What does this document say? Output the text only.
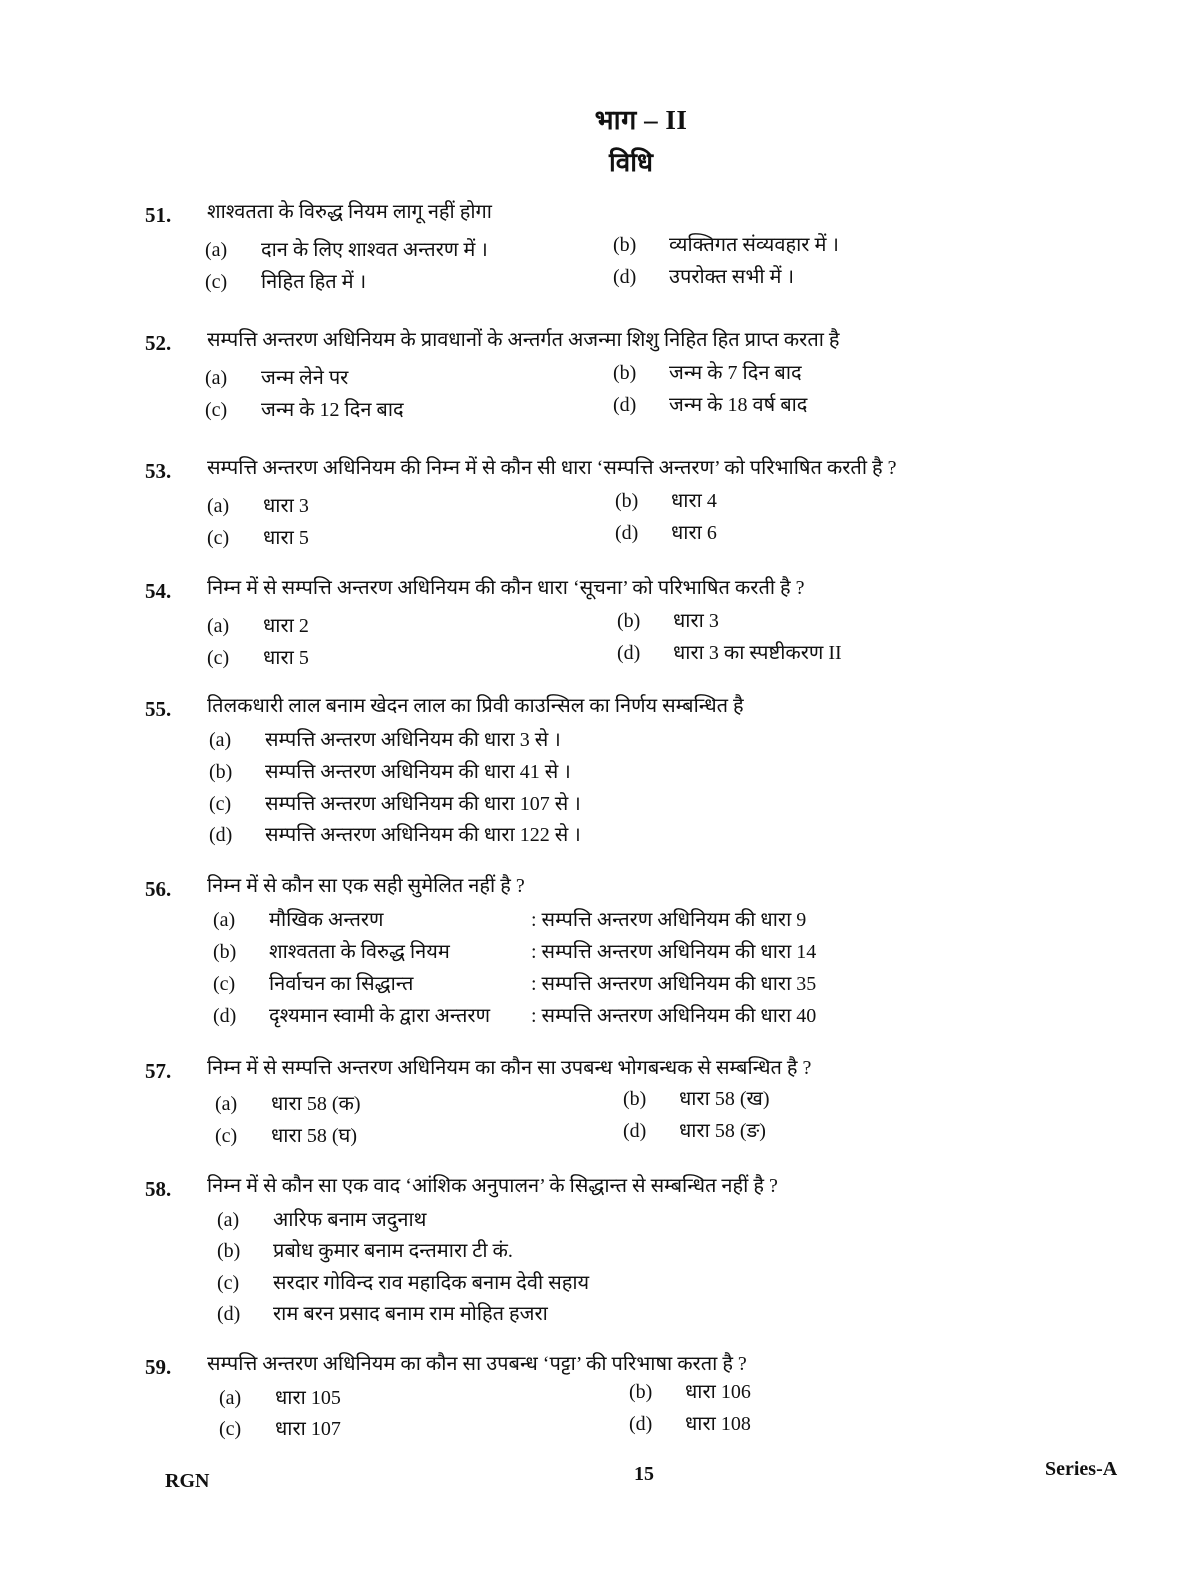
भाग – II
विधि
51. शाश्वतता के विरुद्ध नियम लागू नहीं होगा
(a) दान के लिए शाश्वत अन्तरण में ।	(b) व्यक्तिगत संव्यवहार में ।
(c) निहित हित में ।	(d) उपरोक्त सभी में ।
52. सम्पत्ति अन्तरण अधिनियम के प्रावधानों के अन्तर्गत अजन्मा शिशु निहित हित प्राप्त करता है
(a) जन्म लेने पर	(b) जन्म के 7 दिन बाद
(c) जन्म के 12 दिन बाद	(d) जन्म के 18 वर्ष बाद
53. सम्पत्ति अन्तरण अधिनियम की निम्न में से कौन सी धारा ‘सम्पत्ति अन्तरण’ को परिभाषित करती है ?
(a) धारा 3	(b) धारा 4
(c) धारा 5	(d) धारा 6
54. निम्न में से सम्पत्ति अन्तरण अधिनियम की कौन धारा ‘सूचना’ को परिभाषित करती है ?
(a) धारा 2	(b) धारा 3
(c) धारा 5	(d) धारा 3 का स्पष्टीकरण II
55. तिलकधारी लाल बनाम खेदन लाल का प्रिवी काउन्सिल का निर्णय सम्बन्धित है
(a) सम्पत्ति अन्तरण अधिनियम की धारा 3 से ।
(b) सम्पत्ति अन्तरण अधिनियम की धारा 41 से ।
(c) सम्पत्ति अन्तरण अधिनियम की धारा 107 से ।
(d) सम्पत्ति अन्तरण अधिनियम की धारा 122 से ।
56. निम्न में से कौन सा एक सही सुमेलित नहीं है ?
(a) मौखिक अन्तरण	: सम्पत्ति अन्तरण अधिनियम की धारा 9
(b) शाश्वतता के विरुद्ध नियम	: सम्पत्ति अन्तरण अधिनियम की धारा 14
(c) निर्वाचन का सिद्धान्त	: सम्पत्ति अन्तरण अधिनियम की धारा 35
(d) दृश्यमान स्वामी के द्वारा अन्तरण : सम्पत्ति अन्तरण अधिनियम की धारा 40
57. निम्न में से सम्पत्ति अन्तरण अधिनियम का कौन सा उपबन्ध भोगबन्धक से सम्बन्धित है ?
(a) धारा 58 (क)	(b) धारा 58 (ख)
(c) धारा 58 (घ)	(d) धारा 58 (ङ)
58. निम्न में से कौन सा एक वाद ‘आंशिक अनुपालन’ के सिद्धान्त से सम्बन्धित नहीं है ?
(a) आरिफ बनाम जदुनाथ
(b) प्रबोध कुमार बनाम दन्तमारा टी कं.
(c) सरदार गोविन्द राव महादिक बनाम देवी सहाय
(d) राम बरन प्रसाद बनाम राम मोहित हजरा
59. सम्पत्ति अन्तरण अधिनियम का कौन सा उपबन्ध ‘पट्टा’ की परिभाषा करता है ?
(a) धारा 105	(b) धारा 106
(c) धारा 107	(d) धारा 108
RGN	15	Series-A
